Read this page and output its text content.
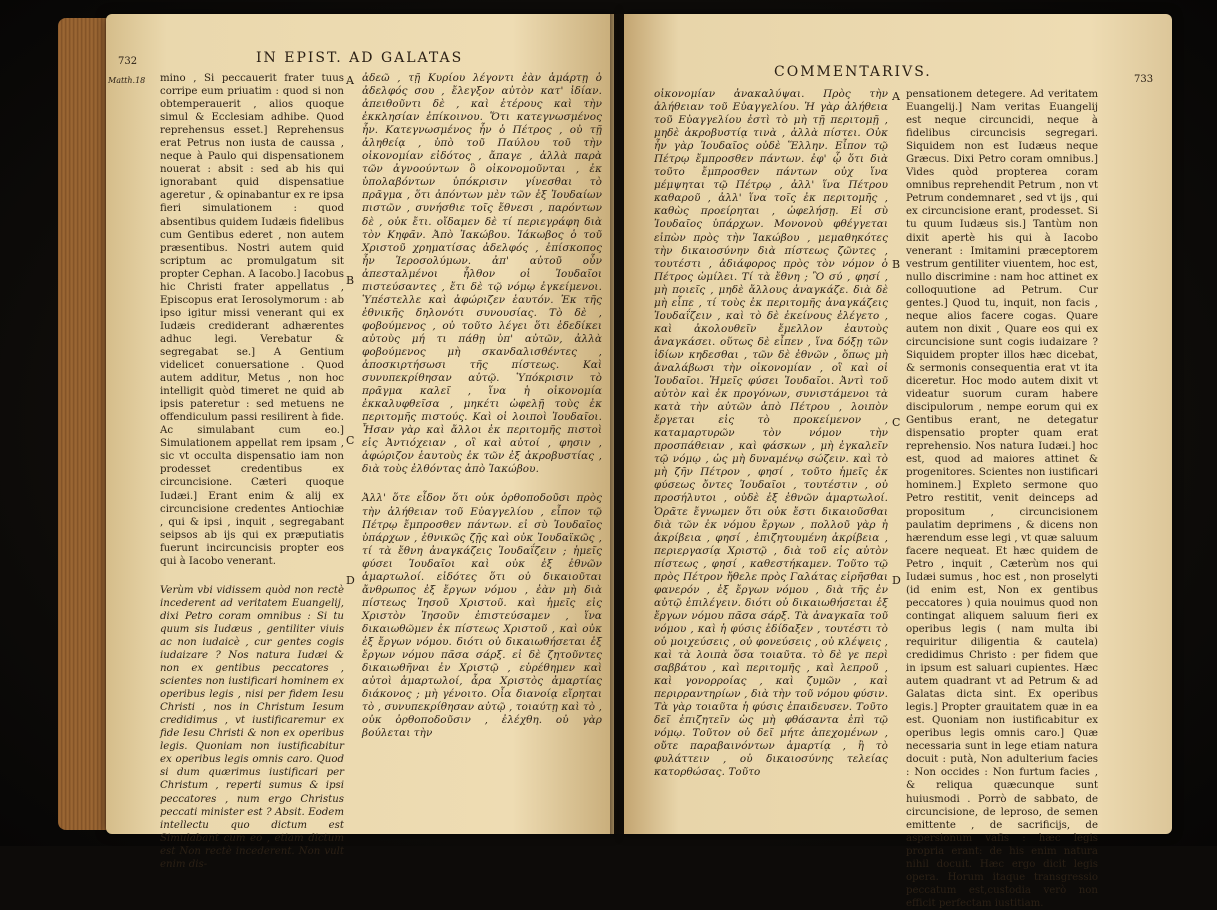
732	IN EPIST. AD GALATAS
Matth.18	A
B
C
D

mino , Si peccauerit frater tuus corripe eum priuatim : quod si non obtemperauerit , alios quoque simul & Ecclesiam adhibe. Quod reprehensus esset.] Reprehensus erat Petrus non iusta de caussa , neque à Paulo qui dispensationem nouerat : absit : sed ab his qui ignorabant quid dispensatiue ageretur , & opinabantur ex re ipsa fieri simulationem : quod absentibus quidem Iudæis fidelibus cum Gentibus ederet , non autem præsentibus. Nostri autem quid scriptum ac promulgatum sit propter Cephan. A Iacobo.] Iacobus hic Christi frater appellatus , Episcopus erat Ierosolymorum : ab ipso igitur missi venerant qui ex Iudæis crediderant adhærentes adhuc legi. Verebatur & segregabat se.] A Gentium videlicet conuersatione . Quod autem additur, Metus , non hoc intelligit quòd timeret ne quid ab ipsis pateretur : sed metuens ne offendiculum passi resilirent à fide. Ac simulabant cum eo.] Simulationem appellat rem ipsam , sic vt occulta dispensatio iam non prodesset credentibus ex circuncisione. Cæteri quoque Iudæi.] Erant enim & alij ex circuncisione credentes Antiochiæ , qui & ipsi , inquit , segregabant seipsos ab ijs qui ex præputiatis fuerunt incircuncisis propter eos qui à Iacobo venerant.

Verùm vbi vidissem quòd non rectè incederent ad veritatem Euangelij, dixi Petro coram omnibus : Si tu quum sis Iudæus , gentiliter viuis ac non iudaicè , cur gentes cogis iudaizare ? Nos natura Iudæi & non ex gentibus peccatores , scientes non iustificari hominem ex operibus legis , nisi per fidem Iesu Christi , nos in Christum Iesum credidimus , vt iustificaremur ex fide Iesu Christi & non ex operibus legis. Quoniam non iustificabitur ex operibus legis omnis caro. Quod si dum quærimus iustificari per Christum , reperti sumus & ipsi peccatores , num ergo Christus peccati minister est ? Absit. Eodem intellectu quo dictum est Simulabant cum eo , etiam dictum est Non rectè incederent. Non vult enim dis-

ἀδεῶ , τῇ Κυρίου λέγοντι ἐὰν ἁμάρτῃ ὁ ἀδελφός σου , ἔλεγξον αὐτὸν κατ' ἰδίαν. ἀπειθοῦντι δὲ , καὶ ἑτέρους καὶ τὴν ἐκκλησίαν ἐπίκοινου. Ὅτι κατεγνωσμένος ἦν. Κατεγνωσμένος ἦν ὁ Πέτρος , οὐ τῇ ἀληθείᾳ , ὑπὸ τοῦ Παύλου τοῦ τὴν οἰκονομίαν εἰδότος , ἄπαγε , ἀλλὰ παρὰ τῶν ἀγνοούντων ὃ οἰκονομοῦνται , ἐκ ὑπολαβόντων ὑπόκρισιν γίνεσθαι τὸ πρᾶγμα , ὅτι ἀπόντων μὲν τῶν ἐξ Ἰουδαίων πιστῶν , συνήσθιε τοῖς ἔθνεσι , παρόντων δὲ , οὐκ ἔτι. οἴδαμεν δὲ τί περιεγράφη διὰ τὸν Κηφᾶν. Ἀπὸ Ἰακώβου. Ἰάκωβος ὁ τοῦ Χριστοῦ χρηματίσας ἀδελφός , ἐπίσκοπος ἦν Ἱεροσολύμων. ἀπ' αὐτοῦ οὖν ἀπεσταλμένοι ἦλθον οἱ Ἰουδαῖοι πιστεύσαντες , ἔτι δὲ τῷ νόμῳ ἐγκείμενοι. Ὑπέστελλε καὶ ἀφώριζεν ἑαυτόν. Ἐκ τῆς ἐθνικῆς δηλονότι συνουσίας. Τὸ δὲ , φοβούμενος , οὐ τοῦτο λέγει ὅτι ἐδεδίκει αὐτοὺς μή τι πάθῃ ὑπ' αὐτῶν, ἀλλὰ φοβούμενος μὴ σκανδαλισθέντες , ἀποσκιρτήσωσι τῆς πίστεως. Καὶ συνυπεκρίθησαν αὐτῷ. Ὑπόκρισιν τὸ πρᾶγμα καλεῖ , ἵνα ἡ οἰκονομία ἐκκαλυφθεῖσα , μηκέτι ὠφελῇ τοὺς ἐκ περιτομῆς πιστούς. Καὶ οἱ λοιποὶ Ἰουδαῖοι. Ἦσαν γὰρ καὶ ἄλλοι ἐκ περιτομῆς πιστοὶ εἰς Ἀντιόχειαν , οἳ καὶ αὐτοί , φησιν , ἀφώριζον ἑαυτοὺς ἐκ τῶν ἐξ ἀκροβυστίας , διὰ τοὺς ἐλθόντας ἀπὸ Ἰακώβου.

Ἀλλ' ὅτε εἶδον ὅτι οὐκ ὀρθοποδοῦσι πρὸς τὴν ἀλήθειαν τοῦ Εὐαγγελίου , εἶπον τῷ Πέτρῳ ἔμπροσθεν πάντων. εἰ σὺ Ἰουδαῖος ὑπάρχων , ἐθνικῶς ζῇς καὶ οὐκ Ἰουδαϊκῶς , τί τὰ ἔθνη ἀναγκάζεις Ἰουδαΐζειν ; ἡμεῖς φύσει Ἰουδαῖοι καὶ οὐκ ἐξ ἐθνῶν ἁμαρτωλοί. εἰδότες ὅτι οὐ δικαιοῦται ἄνθρωπος ἐξ ἔργων νόμου , ἐὰν μὴ διὰ πίστεως Ἰησοῦ Χριστοῦ. καὶ ἡμεῖς εἰς Χριστὸν Ἰησοῦν ἐπιστεύσαμεν , ἵνα δικαιωθῶμεν ἐκ πίστεως Χριστοῦ , καὶ οὐκ ἐξ ἔργων νόμου. διότι οὐ δικαιωθήσεται ἐξ ἔργων νόμου πᾶσα σάρξ. εἰ δὲ ζητοῦντες δικαιωθῆναι ἐν Χριστῷ , εὑρέθημεν καὶ αὐτοὶ ἁμαρτωλοί, ἆρα Χριστὸς ἁμαρτίας διάκονος ; μὴ γένοιτο. Οἷα διανοίᾳ εἴρηται τὸ , συνυπεκρίθησαν αὐτῷ , τοιαύτῃ καὶ τὸ , οὐκ ὀρθοποδοῦσιν , ἐλέχθη. οὐ γὰρ βούλεται τὴν

COMMENTARIVS.	733
A
B
C
D

οἰκονομίαν ἀνακαλύψαι. Πρὸς τὴν ἀλήθειαν τοῦ Εὐαγγελίου. Ἡ γὰρ ἀλήθεια τοῦ Εὐαγγελίου ἐστὶ τὸ μὴ τῇ περιτομῇ , μηδὲ ἀκροβυστίᾳ τινὰ , ἀλλὰ πίστει. Οὐκ ἦν γὰρ Ἰουδαῖος οὐδὲ Ἕλλην. Εἶπον τῷ Πέτρῳ ἔμπροσθεν πάντων. ἐφ' ᾧ ὅτι διὰ τοῦτο ἔμπροσθεν πάντων οὐχ ἵνα μέμψηται τῷ Πέτρῳ , ἀλλ' ἵνα Πέτρου καθαροῦ , ἀλλ' ἵνα τοῖς ἐκ περιτομῆς , καθὼς προείρηται , ὠφελήσῃ. Εἰ σὺ Ἰουδαῖος ὑπάρχων. Μονονοὺ φθέγγεται εἰπὼν πρὸς τὴν Ἰακώβου , μεμαθηκότες τὴν δικαιοσύνην διὰ πίστεως ζῶντες , τουτέστι , ἀδιάφορος πρὸς τὸν νόμον ὁ Πέτρος ὡμίλει. Τί τὰ ἔθνη ; Ὃ σύ , φησί , μὴ ποιεῖς , μηδὲ ἄλλους ἀναγκάζε. διὰ δὲ μὴ εἶπε , τί τοὺς ἐκ περιτομῆς ἀναγκάζεις Ἰουδαΐζειν , καὶ τὸ δὲ ἐκείνους ἐλέγετο , καὶ ἀκολουθεῖν ἔμελλον ἑαυτοὺς ἀναγκάσει. οὕτως δὲ εἶπεν , ἵνα δόξῃ τῶν ἰδίων κηδεσθαι , τῶν δὲ ἐθνῶν , ὅπως μὴ ἀναλάβωσι τὴν οἰκονομίαν , οἳ καὶ οἱ Ἰουδαῖοι. Ἡμεῖς φύσει Ἰουδαῖοι. Ἀντὶ τοῦ αὐτὸν καὶ ἐκ προγόνων, συνιστάμενοι τὰ κατὰ τὴν αὐτῶν ἀπὸ Πέτρου , λοιπὸν ἔργεται εἰς τὸ προκείμενον , καταμαρτυρῶν τὸν νόμον τὴν προσπάθειαν , καὶ φάσκων , μὴ ἐγκαλεῖν τῷ νόμῳ , ὡς μὴ δυναμένῳ σώζειν. καὶ τὸ μὴ ζῆν Πέτρον , φησί , τοῦτο ἡμεῖς ἐκ φύσεως ὄντες Ἰουδαῖοι , τουτέστιν , οὐ προσήλυτοι , οὐδὲ ἐξ ἐθνῶν ἁμαρτωλοί. Ὁρᾶτε ἔγνωμεν ὅτι οὐκ ἔστι δικαιοῦσθαι διὰ τῶν ἐκ νόμου ἔργων , πολλοῦ γὰρ ἡ ἀκρίβεια , φησί , ἐπιζητουμένη ἀκρίβεια , περιεργασίᾳ Χριστῷ , διὰ τοῦ εἰς αὐτὸν πίστεως , φησί , καθεστήκαμεν. Τοῦτο τῷ πρὸς Πέτρον ἤθελε πρὸς Γαλάτας εἰρῆσθαι φανερόν , ἐξ ἔργων νόμου , διὰ τῆς ἐν αὐτῷ ἐπιλέγειν. διότι οὐ δικαιωθήσεται ἐξ ἔργων νόμου πᾶσα σάρξ. Τὰ ἀναγκαῖα τοῦ νόμου , καὶ ἡ φύσις ἐδίδαξεν , τουτέστι τὸ οὐ μοιχεύσεις , οὐ φονεύσεις , οὐ κλέψεις , καὶ τὰ λοιπὰ ὅσα τοιαῦτα. τὸ δὲ γε περὶ σαββάτου , καὶ περιτομῆς , καὶ λεπροῦ , καὶ γονορροίας , καὶ ζυμῶν , καὶ περιρραντηρίων , διὰ τὴν τοῦ νόμου φύσιν. Τὰ γὰρ τοιαῦτα ἡ φύσις ἐπαιδευσεν. Τοῦτο δεῖ ἐπιζητεῖν ὡς μὴ φθάσαντα ἐπὶ τῷ νόμῳ. Τοῦτον οὐ δεῖ μήτε ἀπεχομένων , οὔτε παραβαινόντων ἁμαρτίᾳ , ἢ τὸ φυλάττειν , οὐ δικαιοσύνης τελείας κατορθώσας. Τοῦτο

pensationem detegere. Ad veritatem Euangelij.] Nam veritas Euangelij est neque circuncidi, neque à fidelibus circuncisis segregari. Siquidem non est Iudæus neque Græcus. Dixi Petro coram omnibus.] Vides quòd propterea coram omnibus reprehendit Petrum , non vt Petrum condemnaret , sed vt ijs , qui ex circuncisione erant, prodesset. Si tu quum Iudæus sis.] Tantùm non dixit apertè his qui à Iacobo venerant : Imitamini præceptorem vestrum gentiliter viuentem, hoc est, nullo discrimine : nam hoc attinet ex colloquutione ad Petrum. Cur gentes.] Quod tu, inquit, non facis , neque alios facere cogas. Quare autem non dixit , Quare eos qui ex circuncisione sunt cogis iudaizare ? Siquidem propter illos hæc dicebat, & sermonis consequentia erat vt ita diceretur. Hoc modo autem dixit vt videatur suorum curam habere discipulorum , nempe eorum qui ex Gentibus erant, ne detegatur dispensatio propter quam erat reprehensio. Nos natura Iudæi.] hoc est, quod ad maiores attinet & progenitores. Scientes non iustificari hominem.] Expleto sermone quo Petro restitit, venit deinceps ad propositum , circuncisionem paulatim deprimens , & dicens non hærendum esse legi , vt quæ saluum facere nequeat. Et hæc quidem de Petro , inquit , Cæterùm nos qui Iudæi sumus , hoc est , non proselyti (id enim est, Non ex gentibus peccatores ) quia nouimus quod non contingat aliquem saluum fieri ex operibus legis ( nam multa ibi requiritur diligentia & cautela) credidimus Christo : per fidem que in ipsum est saluari cupientes. Hæc autem quadrant vt ad Petrum & ad Galatas dicta sint. Ex operibus legis.] Propter grauitatem quæ in ea est. Quoniam non iustificabitur ex operibus legis omnis caro.] Quæ necessaria sunt in lege etiam natura docuit : putà, Non adulterium facies : Non occides : Non furtum facies , & reliqua quæcunque sunt huiusmodi . Porrò de sabbato, de circuncisione, de leproso, de semen emittente , de sacrificijs, de aspersionum vafis : hæc legis propria erant: de his enim natura nihil docuit. Hæc ergo dicit legis opera. Horum itaque transgressio peccatum est,custodia verò non efficit perfectam iustitiam.
